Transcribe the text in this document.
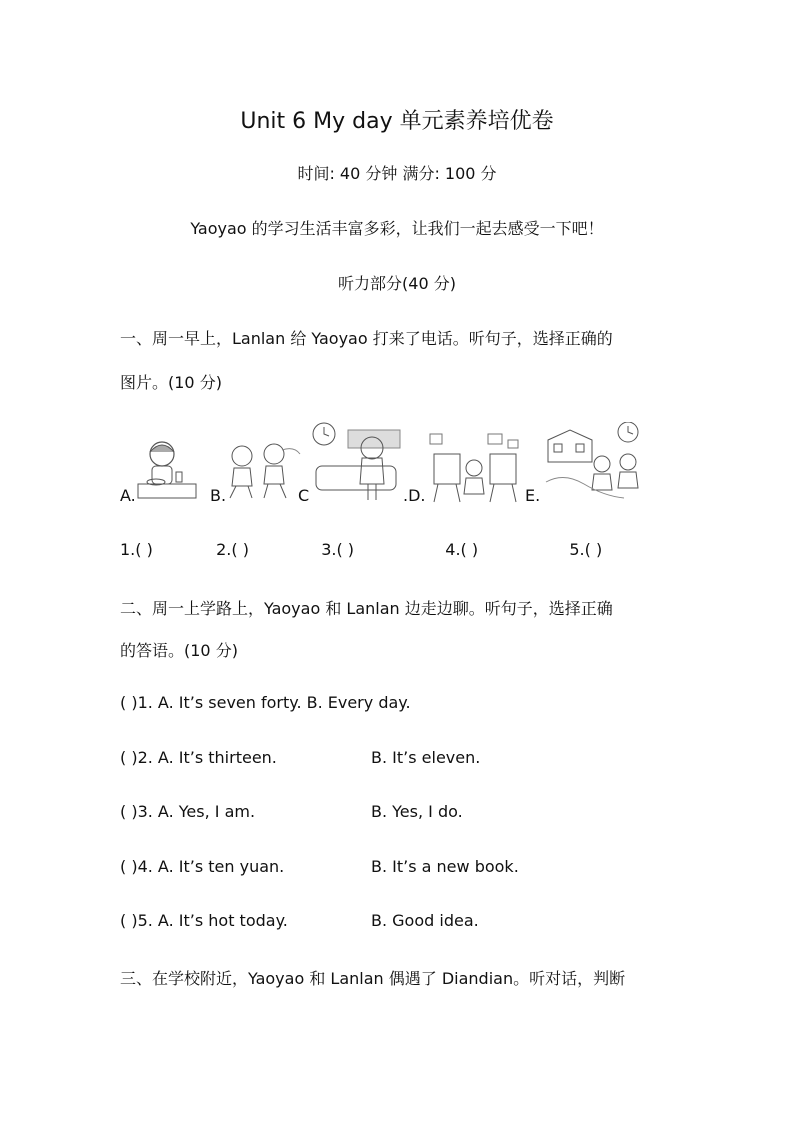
Unit 6 My day 单元素养培优卷
时间: 40 分钟 满分: 100 分
Yaoyao 的学习生活丰富多彩，让我们一起去感受一下吧！
听力部分(40 分)
一、周一早上，Lanlan 给 Yaoyao 打来了电话。听句子，选择正确的
图片。(10 分)
A.	B.	C	.D.	E.
1.( )	2.( )	3.( )	4.( )	5.( )
二、周一上学路上，Yaoyao 和 Lanlan 边走边聊。听句子，选择正确
的答语。(10 分)
( )1. A. It’s seven forty. B. Every day.
( )2. A. It’s thirteen.	B. It’s eleven.
( )3. A. Yes, I am.	B. Yes, I do.
( )4. A. It’s ten yuan.	B. It’s a new book.
( )5. A. It’s hot today.	B. Good idea.
三、在学校附近，Yaoyao 和 Lanlan 偶遇了 Diandian。听对话，判断
